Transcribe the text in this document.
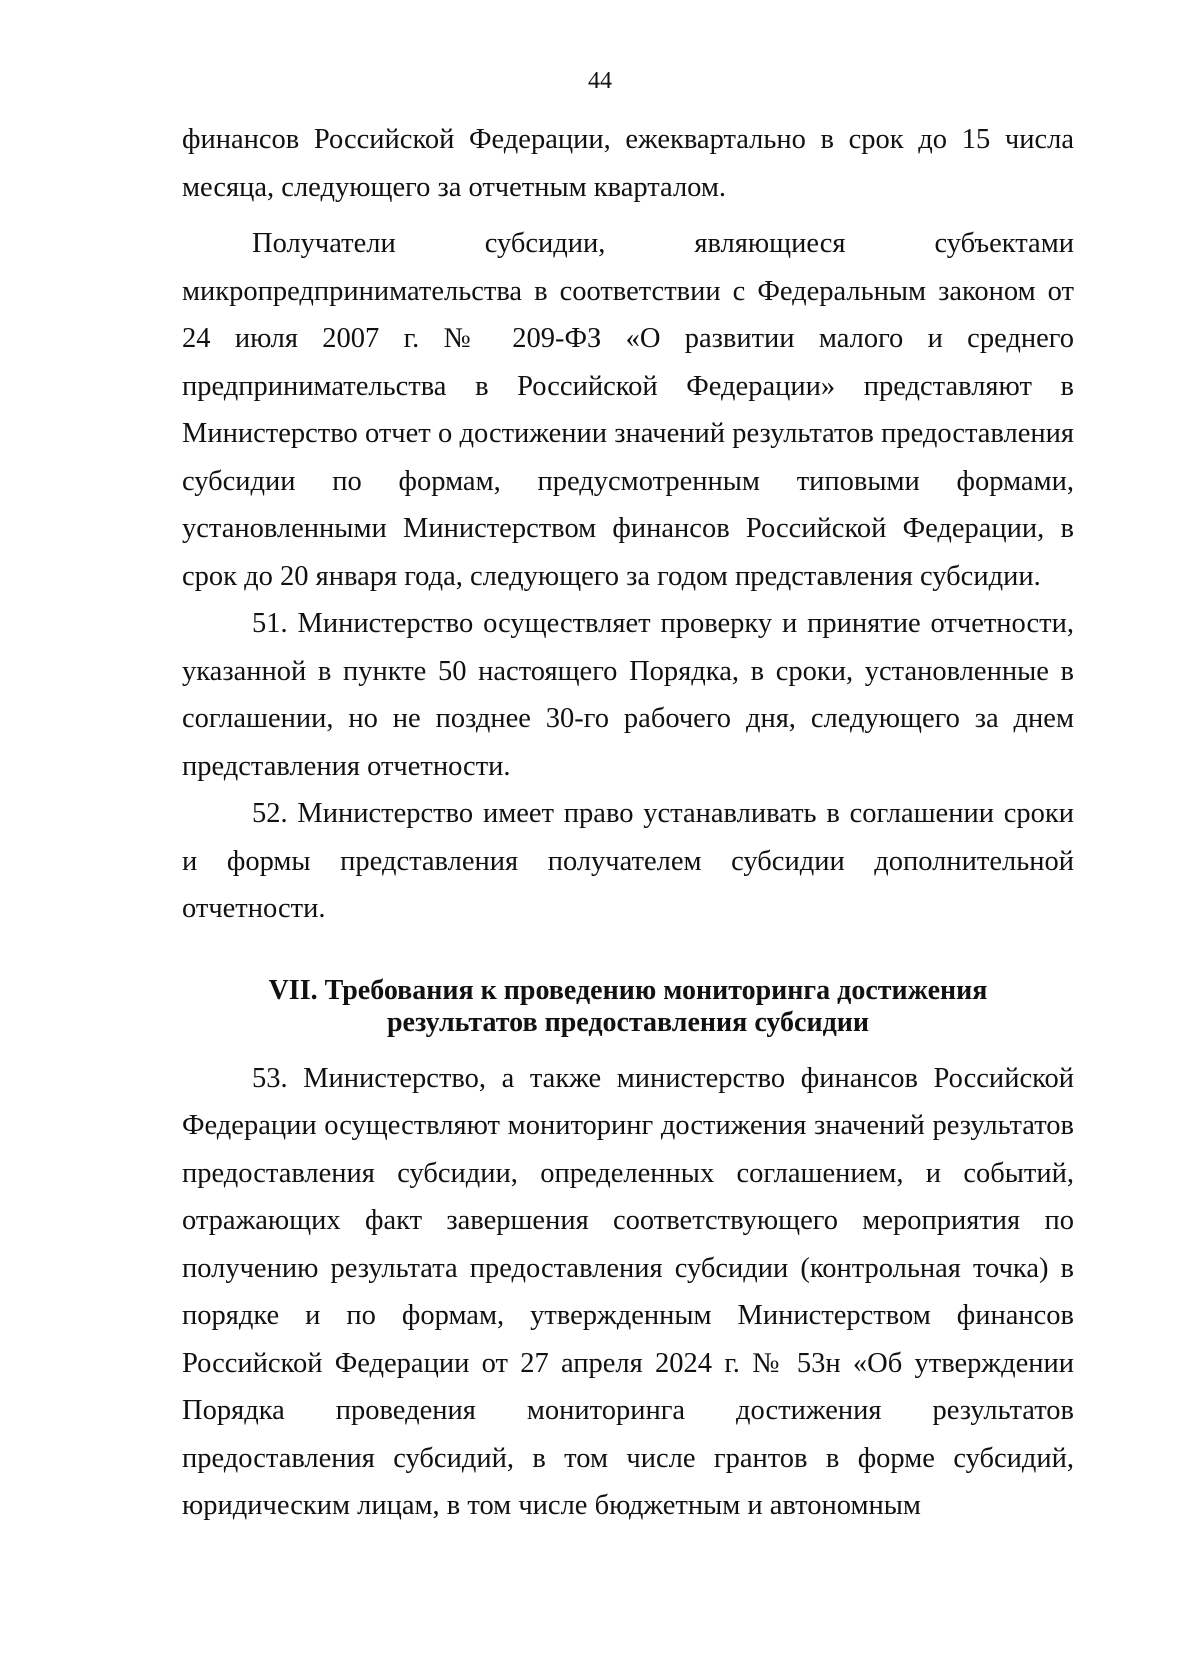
44

финансов Российской Федерации, ежеквартально в срок до 15 числа месяца, следующего за отчетным кварталом.

Получатели субсидии, являющиеся субъектами микропредпринимательства в соответствии с Федеральным законом от 24 июля 2007 г. № 209-ФЗ «О развитии малого и среднего предпринимательства в Российской Федерации» представляют в Министерство отчет о достижении значений результатов предоставления субсидии по формам, предусмотренным типовыми формами, установленными Министерством финансов Российской Федерации, в срок до 20 января года, следующего за годом представления субсидии.

51. Министерство осуществляет проверку и принятие отчетности, указанной в пункте 50 настоящего Порядка, в сроки, установленные в соглашении, но не позднее 30-го рабочего дня, следующего за днем представления отчетности.

52. Министерство имеет право устанавливать в соглашении сроки и формы представления получателем субсидии дополнительной отчетности.

VII. Требования к проведению мониторинга достижения
результатов предоставления субсидии

53. Министерство, а также министерство финансов Российской Федерации осуществляют мониторинг достижения значений результатов предоставления субсидии, определенных соглашением, и событий, отражающих факт завершения соответствующего мероприятия по получению результата предоставления субсидии (контрольная точка) в порядке и по формам, утвержденным Министерством финансов Российской Федерации от 27 апреля 2024 г. № 53н «Об утверждении Порядка проведения мониторинга достижения результатов предоставления субсидий, в том числе грантов в форме субсидий, юридическим лицам, в том числе бюджетным и автономным
